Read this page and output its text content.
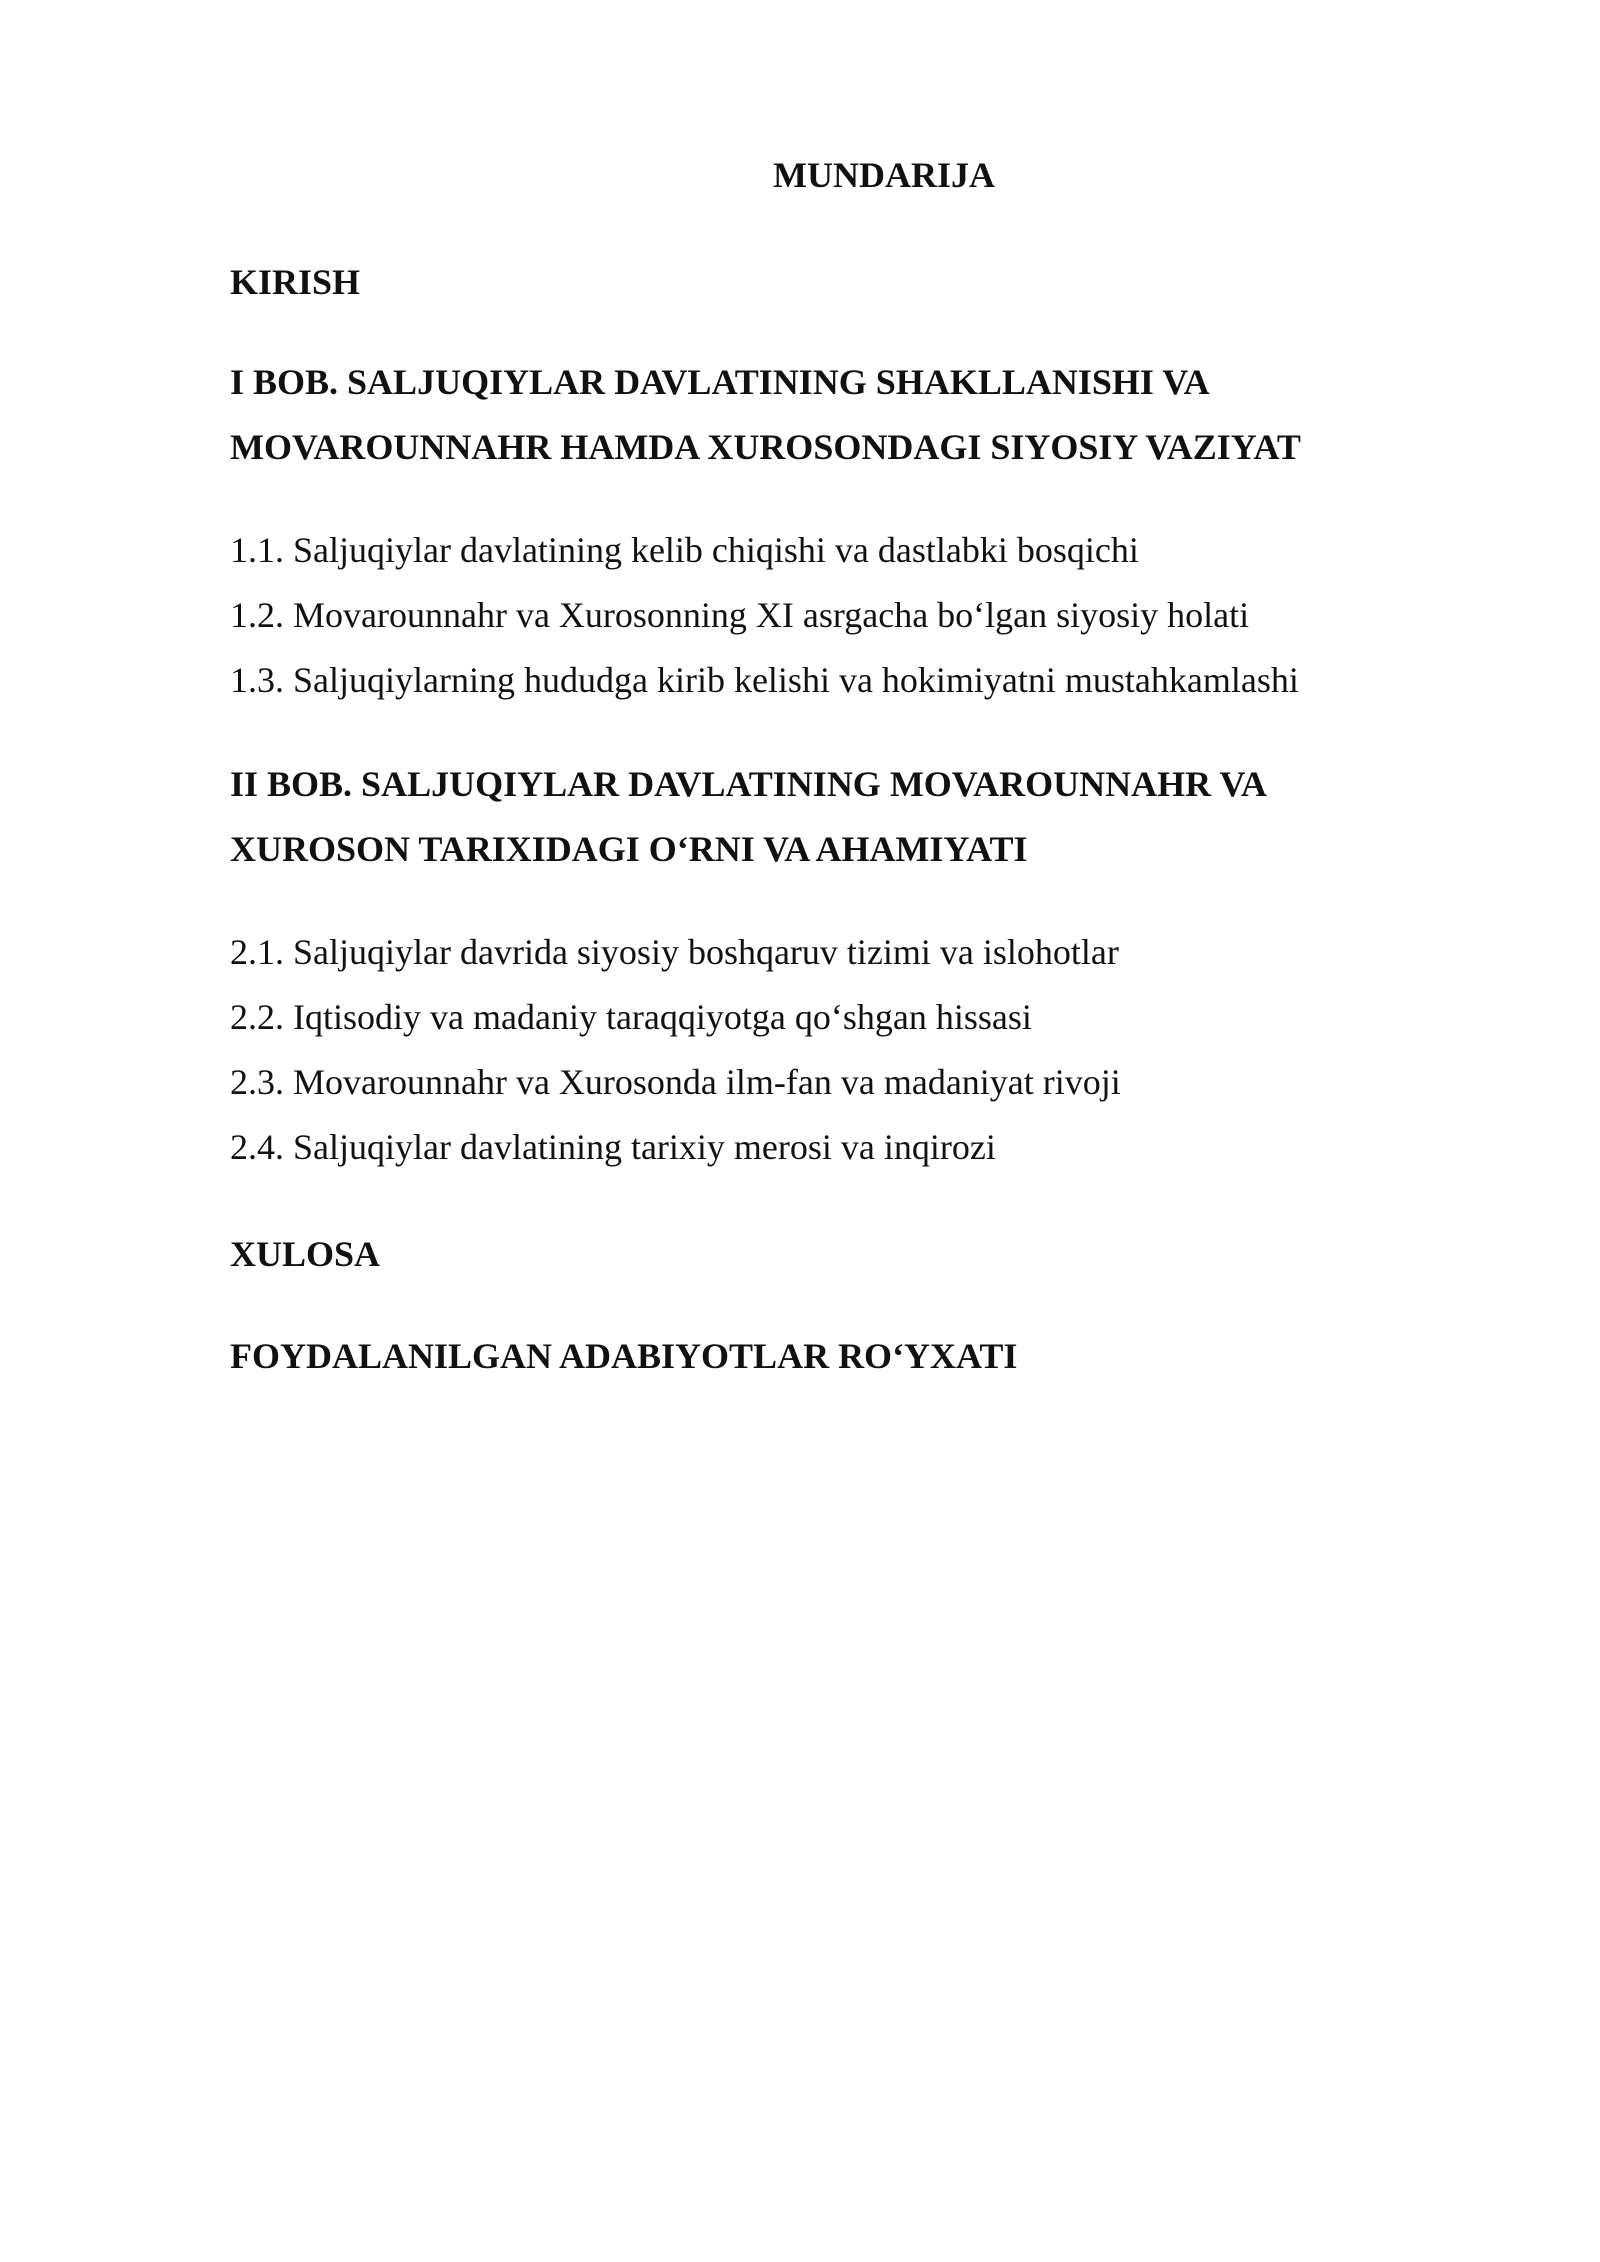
MUNDARIJA

KIRISH

I BOB. SALJUQIYLAR DAVLATINING SHAKLLANISHI VA

MOVAROUNNAHR HAMDA XUROSONDAGI SIYOSIY VAZIYAT

1.1. Saljuqiylar davlatining kelib chiqishi va dastlabki bosqichi

1.2. Movarounnahr va Xurosonning XI asrgacha bo‘lgan siyosiy holati

1.3. Saljuqiylarning hududga kirib kelishi va hokimiyatni mustahkamlashi

II BOB. SALJUQIYLAR DAVLATINING MOVAROUNNAHR VA

XUROSON TARIXIDAGI O‘RNI VA AHAMIYATI

2.1. Saljuqiylar davrida siyosiy boshqaruv tizimi va islohotlar

2.2. Iqtisodiy va madaniy taraqqiyotga qo‘shgan hissasi

2.3. Movarounnahr va Xurosonda ilm-fan va madaniyat rivoji

2.4. Saljuqiylar davlatining tarixiy merosi va inqirozi

XULOSA

FOYDALANILGAN ADABIYOTLAR RO‘YXATI
